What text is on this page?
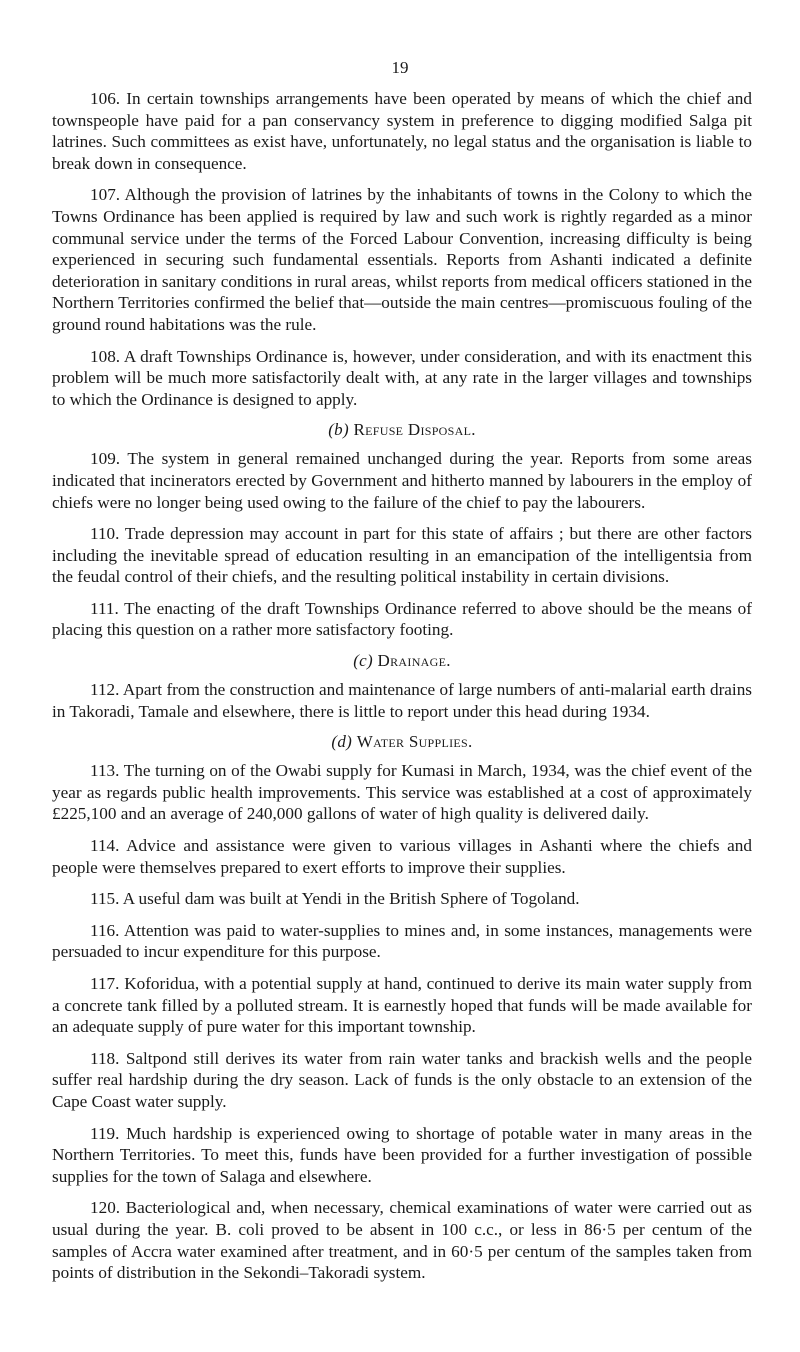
19

106. In certain townships arrangements have been operated by means of which the chief and townspeople have paid for a pan conservancy system in preference to digging modified Salga pit latrines. Such committees as exist have, unfortunately, no legal status and the organisation is liable to break down in consequence.

107. Although the provision of latrines by the inhabitants of towns in the Colony to which the Towns Ordinance has been applied is required by law and such work is rightly regarded as a minor communal service under the terms of the Forced Labour Convention, increasing difficulty is being experienced in securing such fundamental essentials. Reports from Ashanti indicated a definite deterioration in sanitary conditions in rural areas, whilst reports from medical officers stationed in the Northern Territories confirmed the belief that—outside the main centres—promiscuous fouling of the ground round habitations was the rule.

108. A draft Townships Ordinance is, however, under consideration, and with its enactment this problem will be much more satisfactorily dealt with, at any rate in the larger villages and townships to which the Ordinance is designed to apply.

(b) Refuse Disposal.

109. The system in general remained unchanged during the year. Reports from some areas indicated that incinerators erected by Government and hitherto manned by labourers in the employ of chiefs were no longer being used owing to the failure of the chief to pay the labourers.

110. Trade depression may account in part for this state of affairs ; but there are other factors including the inevitable spread of education resulting in an emancipation of the intelligentsia from the feudal control of their chiefs, and the resulting political instability in certain divisions.

111. The enacting of the draft Townships Ordinance referred to above should be the means of placing this question on a rather more satisfactory footing.

(c) Drainage.

112. Apart from the construction and maintenance of large numbers of anti-malarial earth drains in Takoradi, Tamale and elsewhere, there is little to report under this head during 1934.

(d) Water Supplies.

113. The turning on of the Owabi supply for Kumasi in March, 1934, was the chief event of the year as regards public health improvements. This service was established at a cost of approximately £225,100 and an average of 240,000 gallons of water of high quality is delivered daily.

114. Advice and assistance were given to various villages in Ashanti where the chiefs and people were themselves prepared to exert efforts to improve their supplies.

115. A useful dam was built at Yendi in the British Sphere of Togoland.

116. Attention was paid to water-supplies to mines and, in some instances, managements were persuaded to incur expenditure for this purpose.

117. Koforidua, with a potential supply at hand, continued to derive its main water supply from a concrete tank filled by a polluted stream. It is earnestly hoped that funds will be made available for an adequate supply of pure water for this important township.

118. Saltpond still derives its water from rain water tanks and brackish wells and the people suffer real hardship during the dry season. Lack of funds is the only obstacle to an extension of the Cape Coast water supply.

119. Much hardship is experienced owing to shortage of potable water in many areas in the Northern Territories. To meet this, funds have been provided for a further investigation of possible supplies for the town of Salaga and elsewhere.

120. Bacteriological and, when necessary, chemical examinations of water were carried out as usual during the year. B. coli proved to be absent in 100 c.c., or less in 86·5 per centum of the samples of Accra water examined after treatment, and in 60·5 per centum of the samples taken from points of distribution in the Sekondi–Takoradi system.
